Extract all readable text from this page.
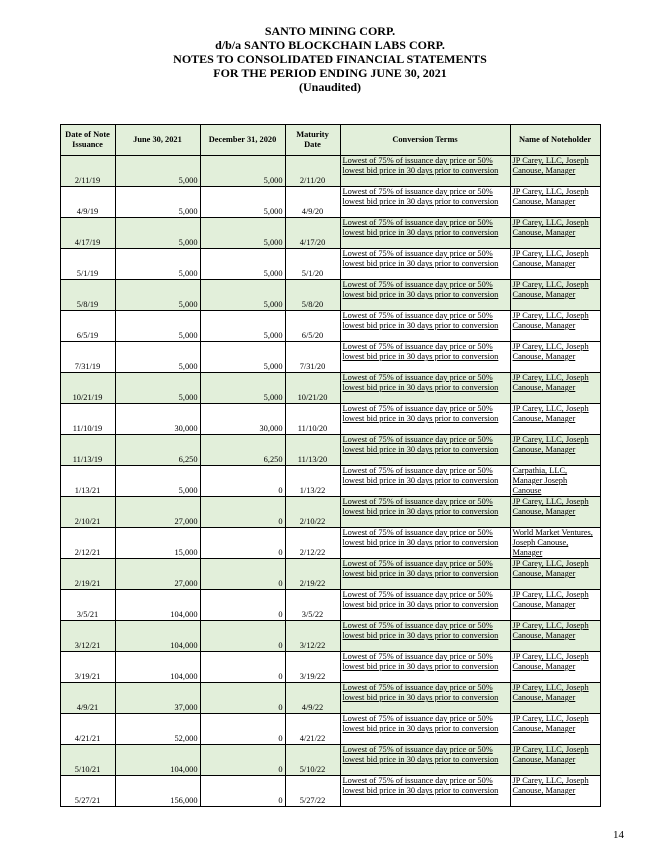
SANTO MINING CORP.
d/b/a SANTO BLOCKCHAIN LABS CORP.
NOTES TO CONSOLIDATED FINANCIAL STATEMENTS
FOR THE PERIOD ENDING JUNE 30, 2021
(Unaudited)
Date of Note Issuance	June 30, 2021	December 31, 2020	Maturity Date	Conversion Terms	Name of Noteholder
2/11/19	5,000	5,000	2/11/20	Lowest of 75% of issuance day price or 50% lowest bid price in 30 days prior to conversion	JP Carey, LLC, Joseph Canouse, Manager
4/9/19	5,000	5,000	4/9/20	Lowest of 75% of issuance day price or 50% lowest bid price in 30 days prior to conversion	JP Carey, LLC, Joseph Canouse, Manager
4/17/19	5,000	5,000	4/17/20	Lowest of 75% of issuance day price or 50% lowest bid price in 30 days prior to conversion	JP Carey, LLC, Joseph Canouse, Manager
5/1/19	5,000	5,000	5/1/20	Lowest of 75% of issuance day price or 50% lowest bid price in 30 days prior to conversion	JP Carey, LLC, Joseph Canouse, Manager
5/8/19	5,000	5,000	5/8/20	Lowest of 75% of issuance day price or 50% lowest bid price in 30 days prior to conversion	JP Carey, LLC, Joseph Canouse, Manager
6/5/19	5,000	5,000	6/5/20	Lowest of 75% of issuance day price or 50% lowest bid price in 30 days prior to conversion	JP Carey, LLC, Joseph Canouse, Manager
7/31/19	5,000	5,000	7/31/20	Lowest of 75% of issuance day price or 50% lowest bid price in 30 days prior to conversion	JP Carey, LLC, Joseph Canouse, Manager
10/21/19	5,000	5,000	10/21/20	Lowest of 75% of issuance day price or 50% lowest bid price in 30 days prior to conversion	JP Carey, LLC, Joseph Canouse, Manager
11/10/19	30,000	30,000	11/10/20	Lowest of 75% of issuance day price or 50% lowest bid price in 30 days prior to conversion	JP Carey, LLC, Joseph Canouse, Manager
11/13/19	6,250	6,250	11/13/20	Lowest of 75% of issuance day price or 50% lowest bid price in 30 days prior to conversion	JP Carey, LLC, Joseph Canouse, Manager
1/13/21	5,000	0	1/13/22	Lowest of 75% of issuance day price or 50% lowest bid price in 30 days prior to conversion	Carpathia, LLC, Manager Joseph Canouse
2/10/21	27,000	0	2/10/22	Lowest of 75% of issuance day price or 50% lowest bid price in 30 days prior to conversion	JP Carey, LLC, Joseph Canouse, Manager
2/12/21	15,000	0	2/12/22	Lowest of 75% of issuance day price or 50% lowest bid price in 30 days prior to conversion	World Market Ventures, Joseph Canouse, Manager
2/19/21	27,000	0	2/19/22	Lowest of 75% of issuance day price or 50% lowest bid price in 30 days prior to conversion	JP Carey, LLC, Joseph Canouse, Manager
3/5/21	104,000	0	3/5/22	Lowest of 75% of issuance day price or 50% lowest bid price in 30 days prior to conversion	JP Carey, LLC, Joseph Canouse, Manager
3/12/21	104,000	0	3/12/22	Lowest of 75% of issuance day price or 50% lowest bid price in 30 days prior to conversion	JP Carey, LLC, Joseph Canouse, Manager
3/19/21	104,000	0	3/19/22	Lowest of 75% of issuance day price or 50% lowest bid price in 30 days prior to conversion	JP Carey, LLC, Joseph Canouse, Manager
4/9/21	37,000	0	4/9/22	Lowest of 75% of issuance day price or 50% lowest bid price in 30 days prior to conversion	JP Carey, LLC, Joseph Canouse, Manager
4/21/21	52,000	0	4/21/22	Lowest of 75% of issuance day price or 50% lowest bid price in 30 days prior to conversion	JP Carey, LLC, Joseph Canouse, Manager
5/10/21	104,000	0	5/10/22	Lowest of 75% of issuance day price or 50% lowest bid price in 30 days prior to conversion	JP Carey, LLC, Joseph Canouse, Manager
5/27/21	156,000	0	5/27/22	Lowest of 75% of issuance day price or 50% lowest bid price in 30 days prior to conversion	JP Carey, LLC, Joseph Canouse, Manager
14
